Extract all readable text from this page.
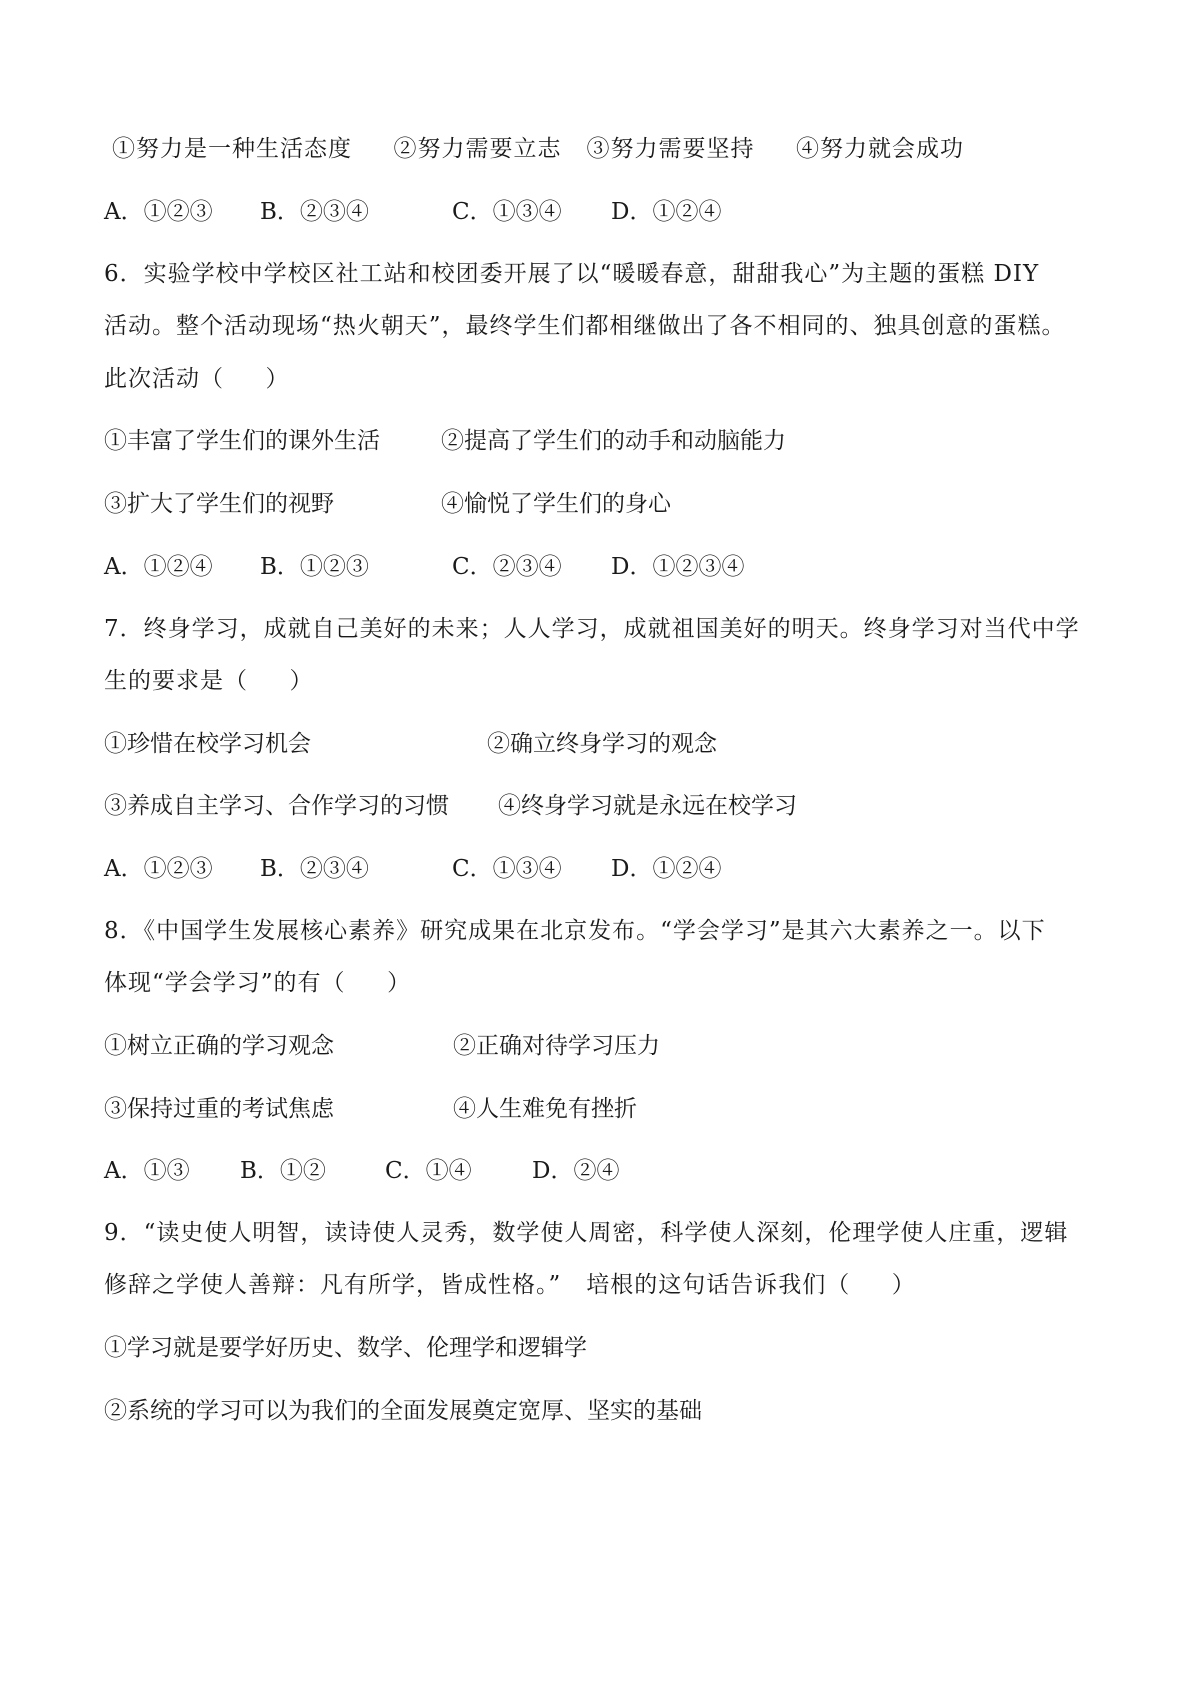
①努力是一种生活态度     ②努力需要立志   ③努力需要坚持     ④努力就会成功
A．①②③ B．②③④	C．①③④ D．①②④
6．实验学校中学校区社工站和校团委开展了以“暖暖春意，甜甜我心”为主题的蛋糕 DIY
活动。整个活动现场“热火朝天”，最终学生们都相继做出了各不相同的、独具创意的蛋糕。
此次活动（     ）
①丰富了学生们的课外生活	②提高了学生们的动手和动脑能力
③扩大了学生们的视野	④愉悦了学生们的身心
A．①②④ B．①②③	C．②③④ D．①②③④
7．终身学习，成就自己美好的未来；人人学习，成就祖国美好的明天。终身学习对当代中学
生的要求是（     ）
①珍惜在校学习机会	②确立终身学习的观念
③养成自主学习、合作学习的习惯 ④终身学习就是永远在校学习
A．①②③ B．②③④	C．①③④ D．①②④
8．《中国学生发展核心素养》研究成果在北京发布。“学会学习”是其六大素养之一。以下
体现“学会学习”的有（     ）
①树立正确的学习观念	②正确对待学习压力
③保持过重的考试焦虑	④人生难免有挫折
A．①③ B．①②	C．①④	D．②④
9．“读史使人明智，读诗使人灵秀，数学使人周密，科学使人深刻，伦理学使人庄重，逻辑
修辞之学使人善辩：凡有所学，皆成性格。”   培根的这句话告诉我们（     ）
①学习就是要学好历史、数学、伦理学和逻辑学
②系统的学习可以为我们的全面发展奠定宽厚、坚实的基础
